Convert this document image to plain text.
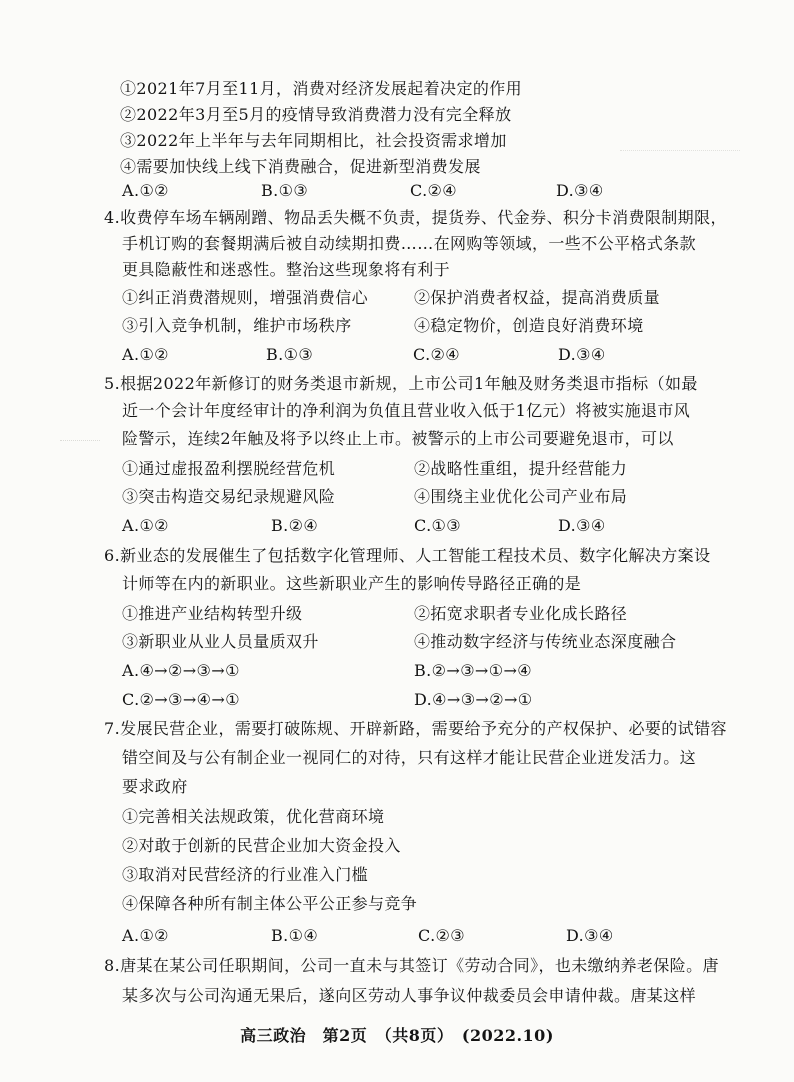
①2021年7月至11月，消费对经济发展起着决定的作用
②2022年3月至5月的疫情导致消费潜力没有完全释放
③2022年上半年与去年同期相比，社会投资需求增加
④需要加快线上线下消费融合，促进新型消费发展
A.①②	B.①③	C.②④	D.③④
4.收费停车场车辆剐蹭、物品丢失概不负责，提货券、代金券、积分卡消费限制期限，
手机订购的套餐期满后被自动续期扣费……在网购等领域，一些不公平格式条款
更具隐蔽性和迷惑性。整治这些现象将有利于
①纠正消费潜规则，增强消费信心	②保护消费者权益，提高消费质量
③引入竞争机制，维护市场秩序	④稳定物价，创造良好消费环境
A.①②	B.①③	C.②④	D.③④
5.根据2022年新修订的财务类退市新规，上市公司1年触及财务类退市指标（如最
近一个会计年度经审计的净利润为负值且营业收入低于1亿元）将被实施退市风
险警示，连续2年触及将予以终止上市。被警示的上市公司要避免退市，可以
①通过虚报盈利摆脱经营危机	②战略性重组，提升经营能力
③突击构造交易纪录规避风险	④围绕主业优化公司产业布局
A.①②	B.②④	C.①③	D.③④
6.新业态的发展催生了包括数字化管理师、人工智能工程技术员、数字化解决方案设
计师等在内的新职业。这些新职业产生的影响传导路径正确的是
①推进产业结构转型升级	②拓宽求职者专业化成长路径
③新职业从业人员量质双升	④推动数字经济与传统业态深度融合
A.④→②→③→①	B.②→③→①→④
C.②→③→④→①	D.④→③→②→①
7.发展民营企业，需要打破陈规、开辟新路，需要给予充分的产权保护、必要的试错容
错空间及与公有制企业一视同仁的对待，只有这样才能让民营企业迸发活力。这
要求政府
①完善相关法规政策，优化营商环境
②对敢于创新的民营企业加大资金投入
③取消对民营经济的行业准入门槛
④保障各种所有制主体公平公正参与竞争
A.①②	B.①④	C.②③	D.③④
8.唐某在某公司任职期间，公司一直未与其签订《劳动合同》，也未缴纳养老保险。唐
某多次与公司沟通无果后，遂向区劳动人事争议仲裁委员会申请仲裁。唐某这样
高三政治　第2页　（共8页）　(2022.10)
